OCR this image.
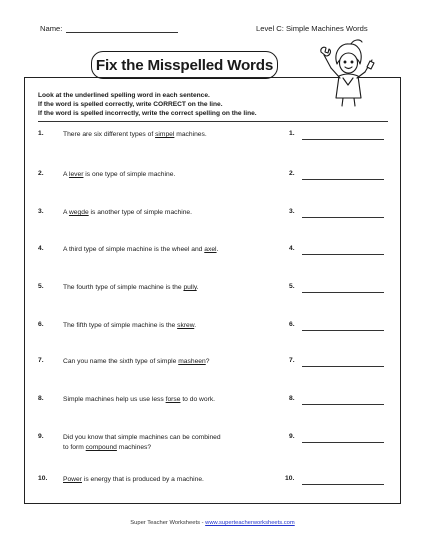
Name:	Level C: Simple Machines Words
Fix the Misspelled Words
Look at the underlined spelling word in each sentence.
If the word is spelled correctly, write CORRECT on the line.
If the word is spelled incorrectly, write the correct spelling on the line.
1.	There are six different types of simpel machines.	1.
2.	A lever is one type of simple machine.	2.
3.	A wegde is another type of simple machine.	3.
4.	A third type of simple machine is the wheel and axel.	4.
5.	The fourth type of simple machine is the pully.	5.
6.	The fifth type of simple machine is the skrew.	6.
7.	Can you name the sixth type of simple masheen?	7.
8.	Simple machines help us use less forse to do work.	8.
9.	Did you know that simple machines can be combined to form compound machines?
9.
10. Power is energy that is produced by a machine.	10.
Super Teacher Worksheets - www.superteacherworksheets.com
